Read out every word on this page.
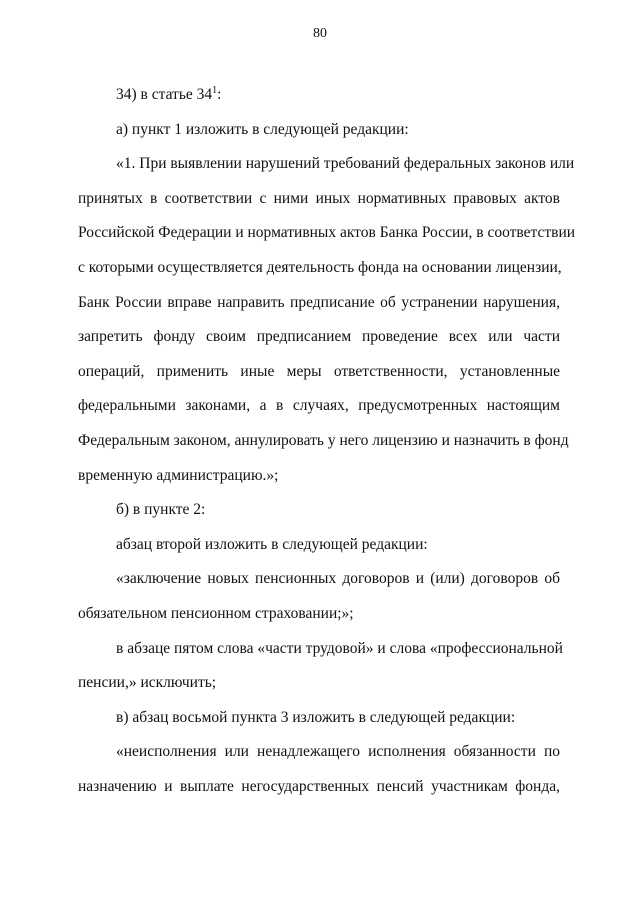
80
34) в статье $34^1$:
а) пункт 1 изложить в следующей редакции:
«1. При выявлении нарушений требований федеральных законов или
принятых в соответствии с ними иных нормативных правовых актов
Российской Федерации и нормативных актов Банка России, в соответствии
с которыми осуществляется деятельность фонда на основании лицензии,
Банк России вправе направить предписание об устранении нарушения,
запретить фонду своим предписанием проведение всех или части
операций, применить иные меры ответственности, установленные
федеральными законами, а в случаях, предусмотренных настоящим
Федеральным законом, аннулировать у него лицензию и назначить в фонд
временную администрацию.»;
б) в пункте 2:
абзац второй изложить в следующей редакции:
«заключение новых пенсионных договоров и (или) договоров об
обязательном пенсионном страховании;»;
в абзаце пятом слова «части трудовой» и слова «профессиональной
пенсии,» исключить;
в) абзац восьмой пункта 3 изложить в следующей редакции:
«неисполнения или ненадлежащего исполнения обязанности по
назначению и выплате негосударственных пенсий участникам фонда,
